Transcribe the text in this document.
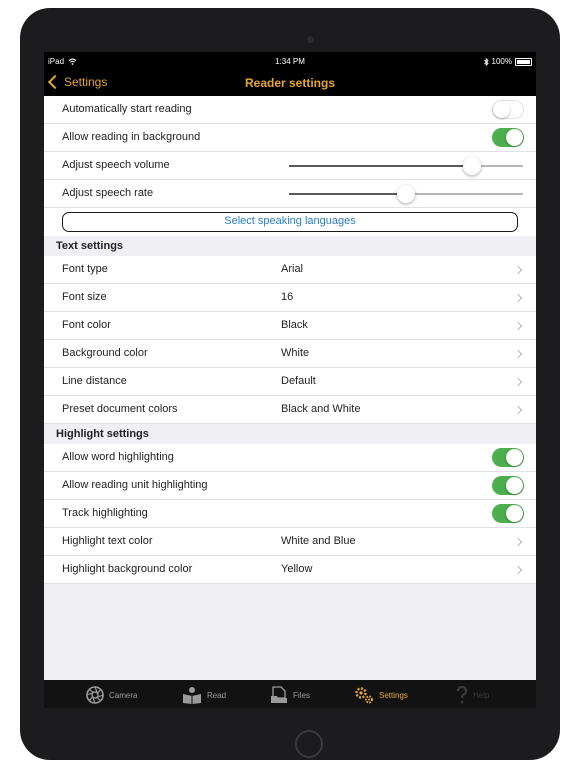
iPad	1:34 PM	100%
Settings	Reader settings
Automatically start reading
Allow reading in background
Adjust speech volume
Adjust speech rate
Select speaking languages
Text settings
Font type	Arial
Font size	16
Font color	Black
Background color	White
Line distance	Default
Preset document colors	Black and White
Highlight settings
Allow word highlighting
Allow reading unit highlighting
Track highlighting
Highlight text color	White and Blue
Highlight background color	Yellow
Camera	Read	Files	Settings	Help
